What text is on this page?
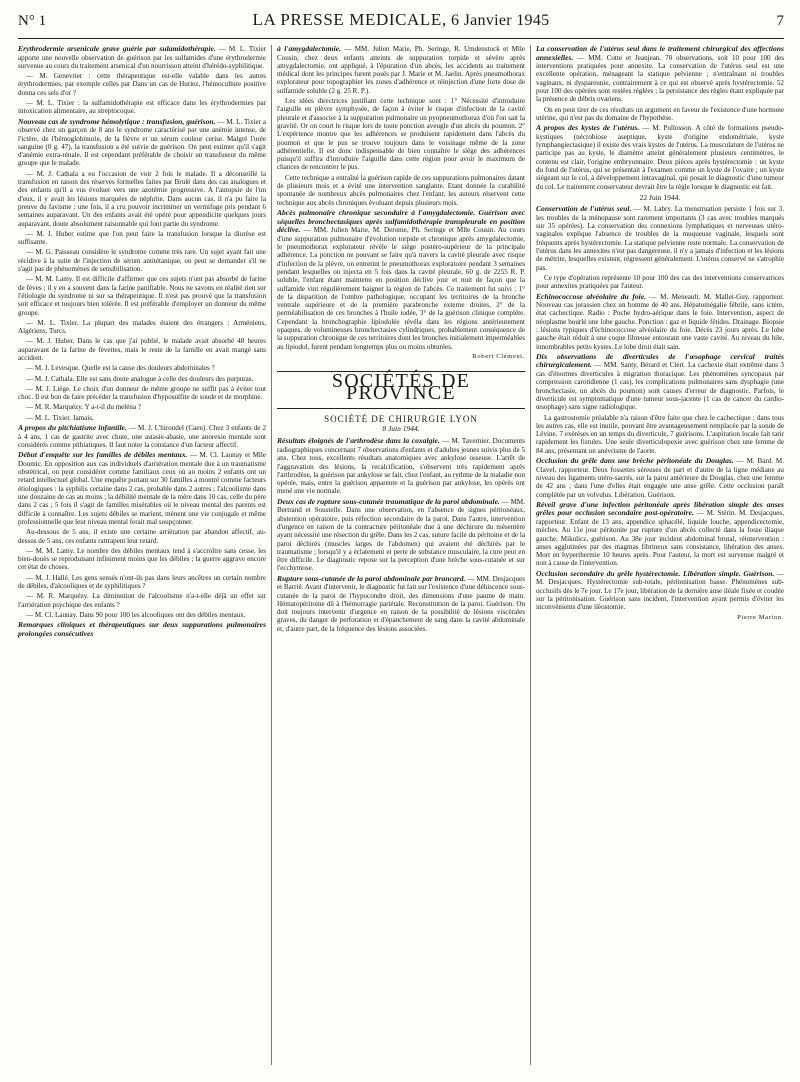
N° 1	LA PRESSE MEDICALE, 6 Janvier 1945	7

Erythrodermie arsenicale grave guérie par sulamidothérapie. — M. L. Tixier apporte une nouvelle observation de guérison par les sulfamides d'une érythrodermie survenue au cours du traitement arsenical d'un nourrisson atteint d'hérédo-syphilitique.

— M. Genevrier : cette thérapeutique est-elle valable dans les autres érythrodermies, par exemple celles par Dans un cas de Huriez, l'hémoculture positive donna ces sels d'or ?

— M. L. Tixier : la sulfamidothérapie est efficace dans les érythrodermies par intoxication alimentaire, au streptocoque.

Nouveau cas de syndrome hémolytique : transfusion, guérison. — M. L. Tixier a observé chez un garçon de 8 ans le syndrome caractérisé par une anémie intense, de l'ictère, de l'hémoglobinurie, de la fièvre et un sérum couleur cerise. Malgré l'urée sanguine (0 g. 47), la transfusion a été suivie de guérison. On peut estimer qu'il s'agit d'anémie extra-rénale. Il est cependant préférable de choisir un transfuseur du même groupe que le malade.

— M. J. Cathala a eu l'occasion de voir 2 fois le malade. Il a déconseillé la transfusion en raison des réserves formelles faites par Brulé dans des cas analogues et des enfants qu'il a vus évoluer vers une azotémie progressive. A l'autopsie de l'un d'eux, il y avait les lésions marquées de néphrite. Dans aucun cas, il n'a pu faire la preuve du favisme ; une fois, il a cru pouvoir incriminer un vermifuge pris pendant 6 semaines auparavant. Un des enfants avait été opéré pour appendicite quelques jours auparavant, doute absolument raisonnable qui font partie du syndrome.

— M. J. Huber estime que l'on peut faire la transfusion lorsque la diurèse est suffisante.

— M. G. Paisseau considère le syndrome comme très rare. Un sujet ayant fait une récidive à la suite de l'injection de sérum antitétanique, on peut se demander s'il ne s'agit pas de phénomènes de sensibilisation.

— M. M. Lamy. Il est difficile d'affirmer que ces sujets n'ont pas absorbé de farine de fèves ; il y en a souvent dans la farine panifiable. Nous ne savons en réalité rien sur l'étiologie du syndrome ni sur sa thérapeutique. Il n'est pas prouvé que la transfusion soit efficace et toujours bien tolérée. Il est préférable d'employer un donneur du même groupe.

— M. L. Tixier. La plupart des malades étaient des étrangers : Arméniens, Algériens, Turcs.

— M. J. Huber. Dans le cas que j'ai publié, le malade avait absorbé 48 heures auparavant de la farine de fèvettes, mais le reste de la famille en avait mangé sans accident.

— M. J. Levesque. Quelle est la cause des douleurs abdominales ?

— M. J. Cathala. Elle est sans doute analogue à celle des douleurs des purpuras.

— M. J. Liège. Le choix d'un donneur de même groupe ne suffit pas à éviter tout choc. Il est bon de faire précéder la transfusion d'hyposulfite de soude et de morphine.

— M. R. Marquézy. Y a-t-il du meléna ?

— M. L. Tixier. Jamais.

A propos du pitchiatisme infantile. — M. J. L'hirondel (Caen). Chez 3 enfants de 2 à 4 ans, 1 cas de gastrite avec chute, une astasie-abasie, une anorexie mentale sont considérés comme pithiatiques. Il faut noter la constance d'un facteur affectif.

Début d'enquête sur les familles de débiles mentaux. — M. Cl. Launay et Mlle Doumic. En opposition aux cas individuels d'arriération mentale due à un traumatisme obstétrical, on peut considérer comme familiaux ceux où au moins 2 enfants ont un retard intellectuel global. Une enquête portant sur 30 familles a montré comme facteurs étiologiques : la syphilis certaine dans 2 cas, probable dans 2 autres ; l'alcoolisme dans une douzaine de cas au moins ; la débilité mentale de la mère dans 10 cas, celle du père dans 2 cas ; 5 fois il s'agit de familles misérables où le niveau mental des parents est difficile à connaître. Les sujets débiles se marient, mènent une vie conjugale et même professionnelle que leur niveau mental ferait mal soupçonner.

Au-dessous de 5 ans, il existe une certaine arriération par abandon affectif, au-dessus de 5 ans, ces enfants rattrapent leur retard.

— M. M. Lamy. Le nombre des débiles mentaux tend à s'accroître sans cesse, les bien-doués se reproduisant infiniment moins que les débiles ; la guerre aggrave encore cet état de choses.

— M. J. Hallé. Les gens sensés n'ont-ils pas dans leurs ancêtres un certain nombre de débiles, d'alcooliques et de syphilitiques ?

— M. R. Marquézy. La diminution de l'alcoolisme n'a-t-elle déjà un effet sur l'arriération psychique des enfants ?

— M. Cl. Launay. Dans 90 pour 100 les alcooliques ont des débiles mentaux.

Remarques cliniques et thérapeutiques sur deux suppurations pulmonaires prolongées consécutives

à l'amygdalectomie. — MM. Julien Marie, Ph. Seringe, R. Umdenstock et Mlle Cousin, chez deux enfants atteints de suppuration torpide et sévère après amygdalectomie, ont appliqué, à l'épuration d'un abcès, les accidents au traitement médical dont les principes furent posés par J. Marie et M. Jaelin. Après pneumothorax explorateur pour topographier les zones d'adhérence et réinjection d'une forte dose de sulfamide soluble (2 g. 25 R. P.).

Les idées directrices justifiant cette technique sont : 1° Nécessité d'introduire l'aiguille en plèvre symphysée, de façon à éviter le risque d'infection de la cavité pleurale et d'associer à la suppuration pulmonaire un pyopneumothorax d'où l'on sait la gravité. Or on court le risque lors de toute ponction aveugle d'un abcès du poumon. 2° L'expérience montre que les adhérences se produisent rapidement dans l'abcès du poumon et que le pus se trouve toujours dans le voisinage même de la zone adhérentielle. Il est donc indispensable de bien connaître le siège des adhérences puisqu'il suffira d'introduire l'aiguille dans cette région pour avoir le maximum de chances de rencontrer le pus.

Cette technique a entraîné la guérison rapide de ces suppurations pulmonaires datant de plusieurs mois et a évité une intervention sanglante. Etant donnée la curabilité spontanée de nombreux abcès pulmonaires chez l'enfant, les auteurs réservent cette technique aux abcès chroniques évoluant depuis plusieurs mois.

Abcès pulmonaire chronique secondaire à l'amygdalectomie. Guérison avec séquelles bronchectasiques après sulfamidothérapie transpleurale en position déclive. — MM. Julien Marie, M. Derome, Ph. Seringe et Mlle Cousin. Au cours d'une suppuration pulmonaire d'évolution torpide et chronique après amygdalectomie, le pneumothorax explorateur révèle le siège postéro-supérieur de la principale adhérence. La ponction ne pouvant se faire qu'à travers la cavité pleurale avec risque d'infection de la plèvre, on entretint le pneumothorax exploratoire pendant 3 semaines pendant lesquelles on injecta en 5 fois dans la cavité pleurale, 60 g. de 2255 R. P. soluble, l'enfant étant maintenu en position déclive jour et nuit de façon que la sulfamide vint régulièrement baigner la région de l'abcès. Ce traitement fut suivi : 1° de la disparition de l'ombre pathologique, occupant les territoires de la bronche ventrale supérieure et de la première parabronche externe droites, 2° de la perméabilisation de ces bronches à l'huile iodée, 3° de la guérison clinique complète. Cependant la bronchographie lipiodolée révéla dans les régions antérieurement opaques, de volumineuses bronchectasies cylindriques, probablement conséquence de la suppuration chronique de ces territoires dont les bronches initialement imperméables au lipiodol, furent pendant longtemps plus ou moins obturées.

Robert Clément.
SOCIÉTÉS DE PROVINCE
SOCIÉTÉ DE CHIRURGIE LYON
8 Juin 1944.

Résultats éloignés de l'arthrodèse dans la coxalgie. — M. Tavernier. Documents radiographiques concernant 7 observations d'enfants et d'adultes jeunes suivis plus de 5 ans. Chez tous, excellents résultats anatomiques avec ankylose osseuse. L'arrêt de l'aggravation des lésions, la recalcification, s'observent très rapidement après l'arthrodèse, la guérison par ankylose se fait, chez l'enfant, au rythme de la maladie non opérée, mais, entre la guérison apparente et la guérison par ankylose, les opérés ont mené une vie normale.

Deux cas de rupture sous-cutanée traumatique de la paroi abdominale. — MM. Bertrand et Soustelle. Dans une observation, en l'absence de signes péritonéaux, abstention opératoire, puis réfection secondaire de la paroi. Dans l'autre, intervention d'urgence en raison de la contracture péritonéale due à une déchirure du mésentère ayant nécessité une résection du grêle. Dans les 2 cas, suture facile du péritoine et de la paroi déchirés (muscles larges de l'abdomen) qui avaient été déchirés par le traumatisme ; lorsqu'il y a éclatement et perte de substance musculaire, la cure peut en être difficile. Le diagnostic repose sur la perception d'une brèche sous-cutanée et sur l'ecchymose.

Rupture sous-cutanée de la paroi abdominale par brancard. — MM. Desjacques et Barrié. Avant d'intervenir, le diagnostic fut fait sur l'existence d'une déhiscence sous-cutanée de la paroi de l'hypocondre droit, des dimensions d'une paume de main. Hématopéritoine dû à l'hémorragie pariétale. Reconstitution de la paroi. Guérison. On doit toujours intervenir d'urgence en raison de la possibilité de lésions viscérales graves, du danger de perforation et d'épanchement de sang dans la cavité abdominale et, d'autre part, de la fréquence des lésions associées.

La conservation de l'utérus seul dans le traitement chirurgical des affections annexielles. — MM. Cotte et Jeanjean. 70 observations, soit 10 pour 100 des interventions pratiquées pour annexite. La conservation de l'utérus seul est une excellente opération, ménageant la statique pelvienne ; n'entraînant ni troubles vaginaux, ni dyspareunie, contrairement à ce qui est observé après hystérectomie. 52 pour 100 des opérées sont restées réglées ; la persistance des règles étant expliquée par la présence de débris ovariens.

On en peut tirer de ces résultats un argument en faveur de l'existence d'une hormone utérine, qui n'est pas du domaine de l'hypothèse.

A propos des kystes de l'utérus. — M. Pollosson. A côté de formations pseudo-kystiques (nécrobiose aseptique, kyste d'origine endométriale, kyste lymphangiectasique) il existe des vrais kystes de l'utérus. La musculature de l'utérus ne participe pas au kyste, le diamètre atteint généralement plusieurs centimètres, le contenu est clair, l'origine embryonnaire. Deux pièces après hystérectomie : un kyste du fond de l'utérus, qui se présentait à l'examen comme un kyste de l'ovaire ; un kyste siégeant sur le col, à développement intravaginal, qui posait le diagnostic d'une tumeur du col. Le traitement conservateur devrait être la règle lorsque le diagnostic est fait.

22 Juin 1944.

Conservation de l'utérus seul. — M. Labry. La menstruation persiste 1 fois sur 3. les troubles de la ménopause sont rarement importants (3 cas avec troubles marqués sur 35 opérées). La conservation des connexions lymphatiques et nerveuses utéro-vaginales explique l'absence de troubles de la muqueuse vaginale, lesquels sont fréquents après hystérectomie. La statique pelvienne reste normale. La conservation de l'utérus dans les annexites n'est pas dangereuse, il n'y a jamais d'infection et les lésions de métrite, lesquelles existent, régressent généralement. L'utérus conservé ne s'atrophie pas.

Ce type d'opération représente 10 pour 100 des cas des interventions conservatrices pour annexites pratiquées par l'auteur.

Echinococcose alvéolaire du foie. — M. Meneault. M. Mallet-Guy, rapporteur. Nouveau cas jurassien chez un homme de 40 ans. Hépatomégalie fébrile, sans ictère, état cachectique. Radio : Poche hydro-aérique dans le foie. Intervention, aspect de néoplasme bourlé une lobe gauche. Ponction : gaz et liquide fétides. Drainage. Biopsie : lésions typiques d'échinococcose alvéolaire du foie. Décès 23 jours après. Le lobe gauche était réduit à une coque fibreuse entourant une vaste cavité. Au niveau du hile, innombrables petits kystes. Le lobe droit était sain.

Dix observations de diverticules de l'œsophage cervical traités chirurgicalement. — MM. Santy, Bérard et Clert. La cachexie était extrême dans 3 cas d'énormes diverticules à migration thoracique. Les phénomènes syncopaux par compression carotidienne (1 cas), les complications pulmonaires sans dysphagie (une bronchectasie, un abcès du poumon) sont causes d'erreur de diagnostic. Parfois, le diverticule est symptomatique d'une tumeur sous-jacente (1 cas de cancer du cardio-œsophage) sans signe radiologique.

La gastrostomie préalable n'a raison d'être faite que chez le cachectique ; dans tous les autres cas, elle est inutile, pouvant être avantageusement remplacée par la sonde de Lévine. 7 exérèses en un temps du diverticule, 7 guérisons. L'aspiration locale fait tarir rapidement les fistules. Une seule diverticulopexie avec guérison chez une femme de 84 ans, présentant un anévrisme de l'aorte.

Occlusion du grêle dans une brèche péritonéale du Douglas. — M. Bard. M. Clavel, rapporteur. Deux fossettes séreuses de part et d'autre de la ligne médiane au niveau des ligaments utéro-sacrés, sur la paroi antérieure du Douglas, chez une femme de 42 ans ; dans l'une d'elles était engagée une anse grêle. Cette occlusion paraît complétée par un volvulus. Libération. Guérison.

Réveil grave d'une infection péritonéale après libération simple des anses grêles pour occlusion secondaire post-opératoire. — M. Stérin. M. Desjacques, rapporteur. Enfant de 13 ans, appendice sphacélé, liquide louche, appendicectomie, mèches. Au 11e jour péritonite par rupture d'un abcès collecté dans la fosse iliaque gauche, Mikulicz, guérison. Au 38e jour incident abdominal brutal, réintervention : anses agglutinées par des magmas fibrineux sans consistance, libération des anses. Mort en hyperthermie 10 heures après. Pour l'auteur, la mort est survenue malgré et non à cause de l'intervention.

Occlusion secondaire du grêle hystérectomie. Libération simple. Guérison. — M. Desjacques. Hystérectomie sub-totale, péritonisation basse. Phénomènes sub-occlusifs dès le 7e jour. Le 17e jour, libération de la dernière anse iléale fixée et coudée sur la péritonisation. Guérison sans incident, l'intervention ayant permis d'éviter les inconvénients d'une iléostomie.

Pierre Marion.
